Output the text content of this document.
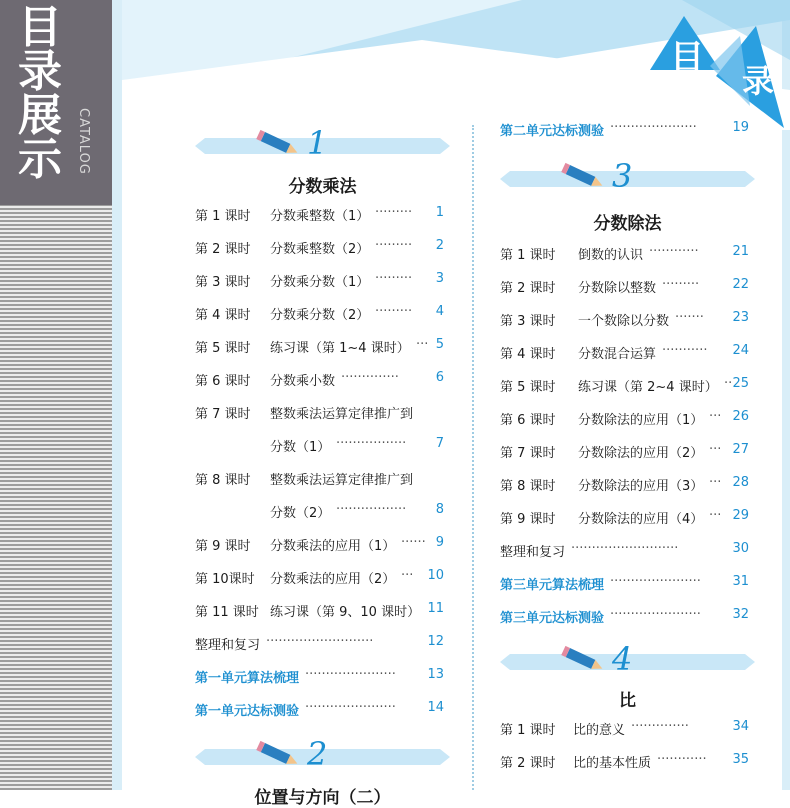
目
录
展
示	CATALOG
目
录
1
分数乘法
第 1 课时 分数乘整数（1） ·········	1
第 2 课时 分数乘整数（2） ·········	2
第 3 课时 分数乘分数（1） ·········	3
第 4 课时 分数乘分数（2） ·········	4
第 5 课时 练习课（第 1~4 课时） ··· 5
第 6 课时 分数乘小数 ··············	6
第 7 课时 整数乘法运算定律推广到
分数（1） ·················	7
第 8 课时 整数乘法运算定律推广到
分数（2） ·················	8
第 9 课时 分数乘法的应用（1） ······ 9
第 10课时 分数乘法的应用（2） ···	10
第 11 课时 练习课（第 9、10 课时） 11
整理和复习 ··························	12
第一单元算法梳理 ······················	13
第一单元达标测验 ······················	14
2
位置与方向（二）
第二单元达标测验 ·····················	19
3
分数除法
第 1 课时 倒数的认识 ············	21
第 2 课时 分数除以整数 ·········	22
第 3 课时 一个数除以分数 ·······	23
第 4 课时 分数混合运算 ···········	24
第 5 课时 练习课（第 2~4 课时） ·· 25
第 6 课时 分数除法的应用（1） ··· 26
第 7 课时 分数除法的应用（2） ··· 27
第 8 课时 分数除法的应用（3） ··· 28
第 9 课时 分数除法的应用（4） ··· 29
整理和复习 ··························	30
第三单元算法梳理 ······················	31
第三单元达标测验 ······················	32
4
比
第 1 课时 比的意义 ··············	34
第 2 课时 比的基本性质 ············	35
